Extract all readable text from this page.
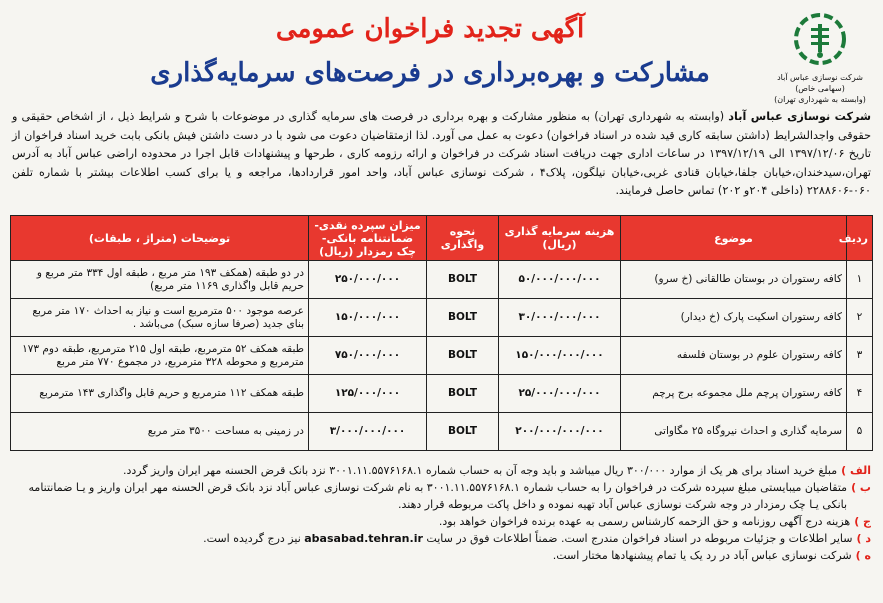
شرکت نوسازی عباس آباد (سهامی خاص)
(وابسته به شهرداری تهران)
آگهی تجدید فراخوان عمومی
مشارکت و بهره‌برداری در فرصت‌های سرمایه‌گذاری
شرکت نوسازی عباس آباد (وابسته به شهرداری تهران) به منظور مشارکت و بهره برداری در فرصت های سرمایه گذاری در موضوعات با شرح و شرایط ذیل ، از اشخاص حقیقی و حقوقی واجدالشرایط (داشتن سابقه کاری قید شده در اسناد فراخوان) دعوت به عمل می آورد. لذا ازمتقاضیان دعوت می شود با در دست داشتن فیش بانکی بابت خرید اسناد فراخوان از تاریخ ۱۳۹۷/۱۲/۰۶ الی ۱۳۹۷/۱۲/۱۹ در ساعات اداری جهت دریافت اسناد شرکت در فراخوان و ارائه رزومه کاری ، طرحها و پیشنهادات قابل اجرا در محدوده اراضی عباس آباد به آدرس تهران،سیدخندان،خیابان جلفا،خیابان قنادی غربی،خیابان نیلگون، پلاک۴ ، شرکت نوسازی عباس آباد، واحد امور قراردادها، مراجعه و یا برای کسب اطلاعات بیشتر با شماره تلفن ۰۶۰-۲۲۸۸۶۰۶ (داخلی ۲۰۴و ۲۰۲) تماس حاصل فرمایند.
ردیف	موضوع	هزینه سرمایه گذاری (ریال)	نحوه واگذاری	میزان سپرده نقدی- ضمانتنامه بانکی- چک رمزدار (ریال)	توضیحات (متراژ ، طبقات)
۱	کافه رستوران در بوستان طالقانی (خ سرو)	۵۰/۰۰۰/۰۰۰/۰۰۰	BOLT	۲۵۰/۰۰۰/۰۰۰	در دو طبقه (همکف ۱۹۳ متر مربع ، طبقه اول ۳۳۴ متر مربع و حریم قابل واگذاری ۱۱۶۹ متر مربع)
۲	کافه رستوران اسکیت پارک (خ دیدار)	۳۰/۰۰۰/۰۰۰/۰۰۰	BOLT	۱۵۰/۰۰۰/۰۰۰	عرصه موجود ۵۰۰ مترمربع است و نیاز به احداث ۱۷۰ متر مربع بنای جدید (صرفا سازه سبک) می‌باشد .
۳	کافه رستوران علوم در بوستان فلسفه	۱۵۰/۰۰۰/۰۰۰/۰۰۰	BOLT	۷۵۰/۰۰۰/۰۰۰	طبقه همکف ۵۲ مترمربع، طبقه اول ۲۱۵ مترمربع، طبقه دوم ۱۷۳ مترمربع و محوطه ۳۲۸ مترمربع، در مجموع ۷۷۰ متر مربع
۴	کافه رستوران پرچم ملل مجموعه برج پرچم	۲۵/۰۰۰/۰۰۰/۰۰۰	BOLT	۱۲۵/۰۰۰/۰۰۰	طبقه همکف ۱۱۲ مترمربع و حریم قابل واگذاری ۱۴۳ مترمربع
۵	سرمایه گذاری و احداث نیروگاه ۲۵ مگاواتی	۲۰۰/۰۰۰/۰۰۰/۰۰۰	BOLT	۳/۰۰۰/۰۰۰/۰۰۰	در زمینی به مساحت ۳۵۰۰ متر مربع
الف )
مبلغ خرید اسناد برای هر یک از موارد ۳۰۰/۰۰۰ ریال میباشد و باید وجه آن به حساب شماره ۳۰۰۱.۱۱.۵۵۷۶۱۶۸.۱ نزد بانک قرض الحسنه مهر ایران واریز گردد.
ب )
متقاضیان میبایستی مبلغ سپرده شرکت در فراخوان را به حساب شماره ۳۰۰۱.۱۱.۵۵۷۶۱۶۸.۱ به نام شرکت نوسازی عباس آباد نزد بانک قرض الحسنه مهر ایران واریز و یـا ضمانتنامه بانکی یـا چک رمزدار در وجه شرکت نوسازی عباس آباد تهیه نموده و داخل پاکت مربوطه قرار دهند.
ج )
هزینه درج آگهی روزنامه و حق الزحمه کارشناس رسمی به عهده برنده فراخوان خواهد بود.
د )
سایر اطلاعات و جزئیات مربوطه در اسناد فراخوان مندرج است. ضمناً اطلاعات فوق در سایت abasabad.tehran.ir نیز درج گردیده است.
ه )
شرکت نوسازی عباس آباد در رد یک یا تمام پیشنهادها مختار است.
